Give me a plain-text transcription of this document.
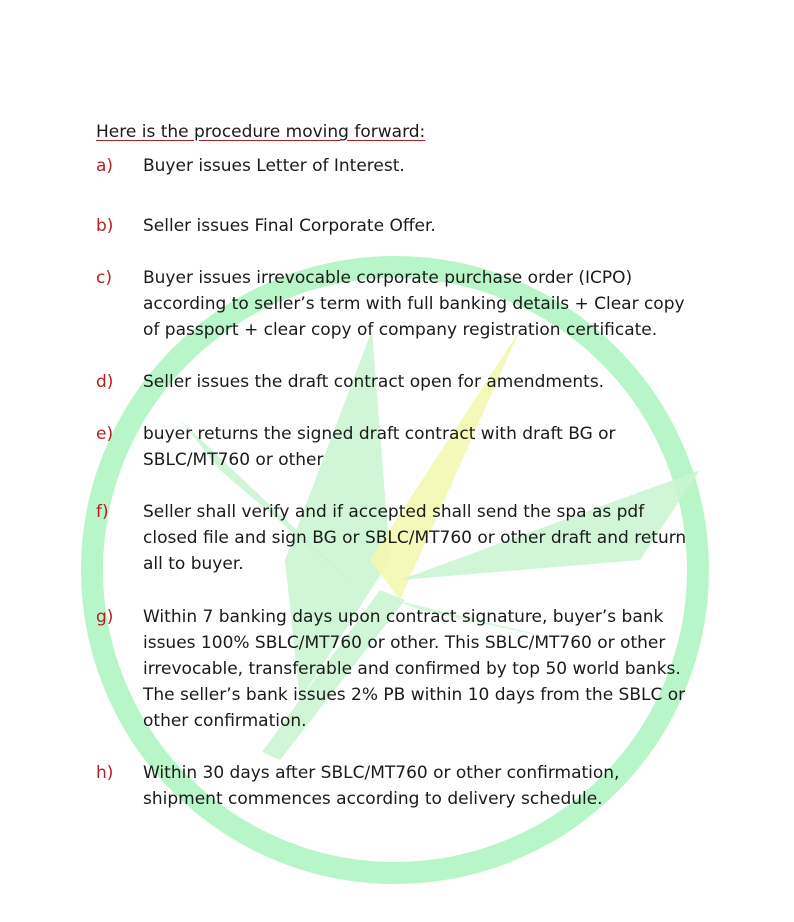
Here is the procedure moving forward:
a) Buyer issues Letter of Interest.
b) Seller issues Final Corporate Offer.
c) Buyer issues irrevocable corporate purchase order (ICPO)
according to seller’s term with full banking details + Clear copy
of passport + clear copy of company registration certificate.
d) Seller issues the draft contract open for amendments.
e) buyer returns the signed draft contract with draft BG or
SBLC/MT760 or other
f) Seller shall verify and if accepted shall send the spa as pdf
closed file and sign BG or SBLC/MT760 or other draft and return
all to buyer.
g) Within 7 banking days upon contract signature, buyer’s bank
issues 100% SBLC/MT760 or other. This SBLC/MT760 or other
irrevocable, transferable and confirmed by top 50 world banks.
The seller’s bank issues 2% PB within 10 days from the SBLC or
other confirmation.
h) Within 30 days after SBLC/MT760 or other confirmation,
shipment commences according to delivery schedule.
